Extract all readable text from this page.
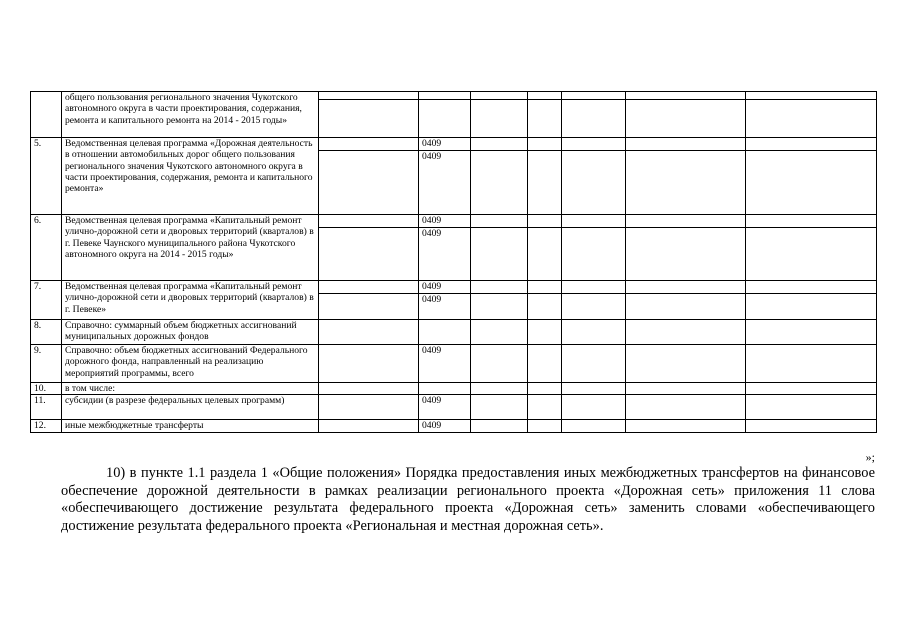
	общего пользования регионального значения Чукотского автономного округа в части проектирования, содержания, ремонта и капитального ремонта на 2014 - 2015 годы»							

5.	Ведомственная целевая программа «Дорожная деятельность в отношении автомобильных дорог общего пользования регионального значения Чукотского автономного округа в части проектирования, содержания, ремонта и капитального ремонта»		0409					
			0409					
6.	Ведомственная целевая программа «Капитальный ремонт улично-дорожной сети и дворовых территорий (кварталов) в г. Певеке Чаунского муниципального района Чукотского автономного округа на 2014 - 2015 годы»		0409					
			0409					
7.	Ведомственная целевая программа «Капитальный ремонт улично-дорожной сети и дворовых территорий (кварталов) в г. Певеке»		0409					
			0409					
8.	Справочно: суммарный объем бюджетных ассигнований муниципальных дорожных фондов							
9.	Справочно: объем бюджетных ассигнований Федерального дорожного фонда, направленный на реализацию мероприятий программы, всего		0409					
10.	в том числе:							
11.	субсидии (в разрезе федеральных целевых программ)		0409					
12.	иные межбюджетные трансферты		0409					
»;

10) в пункте 1.1 раздела 1 «Общие положения» Порядка предоставления иных межбюджетных трансфертов на финансовое обеспечение дорожной деятельности в рамках реализации регионального проекта «Дорожная сеть» приложения 11 слова «обеспечивающего достижение результата федерального проекта «Дорожная сеть» заменить словами «обеспечивающего достижение результата федерального проекта «Региональная и местная дорожная сеть».
